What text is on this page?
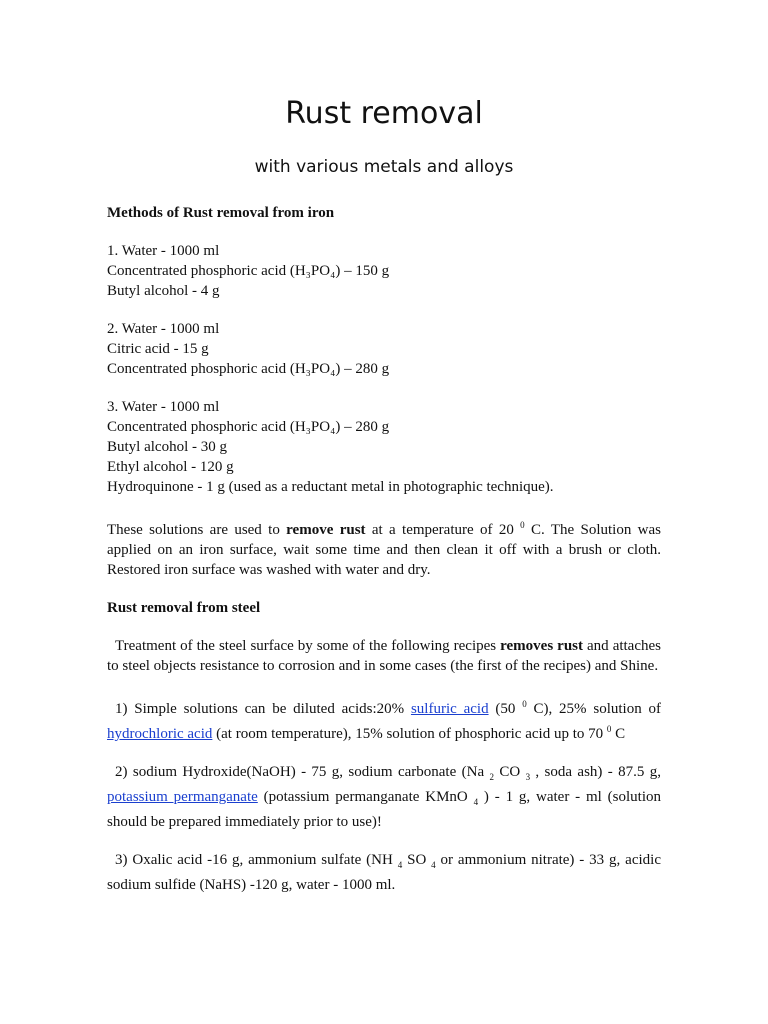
Rust removal
with various metals and alloys

Methods of Rust removal from iron

1. Water - 1000 ml

Concentrated phosphoric acid (H₃PO₄) – 150 g

Butyl alcohol - 4 g

2. Water - 1000 ml

Citric acid - 15 g

Concentrated phosphoric acid (H₃PO₄) – 280 g

3. Water - 1000 ml

Concentrated phosphoric acid (H₃PO₄) – 280 g

Butyl alcohol - 30 g

Ethyl alcohol - 120 g

Hydroquinone - 1 g (used as a reductant metal in photographic technique).

These solutions are used to remove rust at a temperature of 20 $^0$ C. The Solution was applied on an iron surface, wait some time and then clean it off with a brush or cloth. Restored iron surface was washed with water and dry.

Rust removal from steel

Treatment of the steel surface by some of the following recipes removes rust and attaches to steel objects resistance to corrosion and in some cases (the first of the recipes) and Shine.

1) Simple solutions can be diluted acids:20% sulfuric acid (50 $^0$ C), 25% solution of hydrochloric acid (at room temperature), 15% solution of phosphoric acid up to 70 $^0$ C

2) sodium Hydroxide(NaOH) - 75 g, sodium carbonate (Na $_2$ CO $_3$ , soda ash) - 87.5 g, potassium permanganate (potassium permanganate KMnO $_4$ ) - 1 g, water - ml (solution should be prepared immediately prior to use)!

3) Oxalic acid -16 g, ammonium sulfate (NH $_4$ SO $_4$ or ammonium nitrate) - 33 g, acidic sodium sulfide (NaHS) -120 g, water - 1000 ml.
